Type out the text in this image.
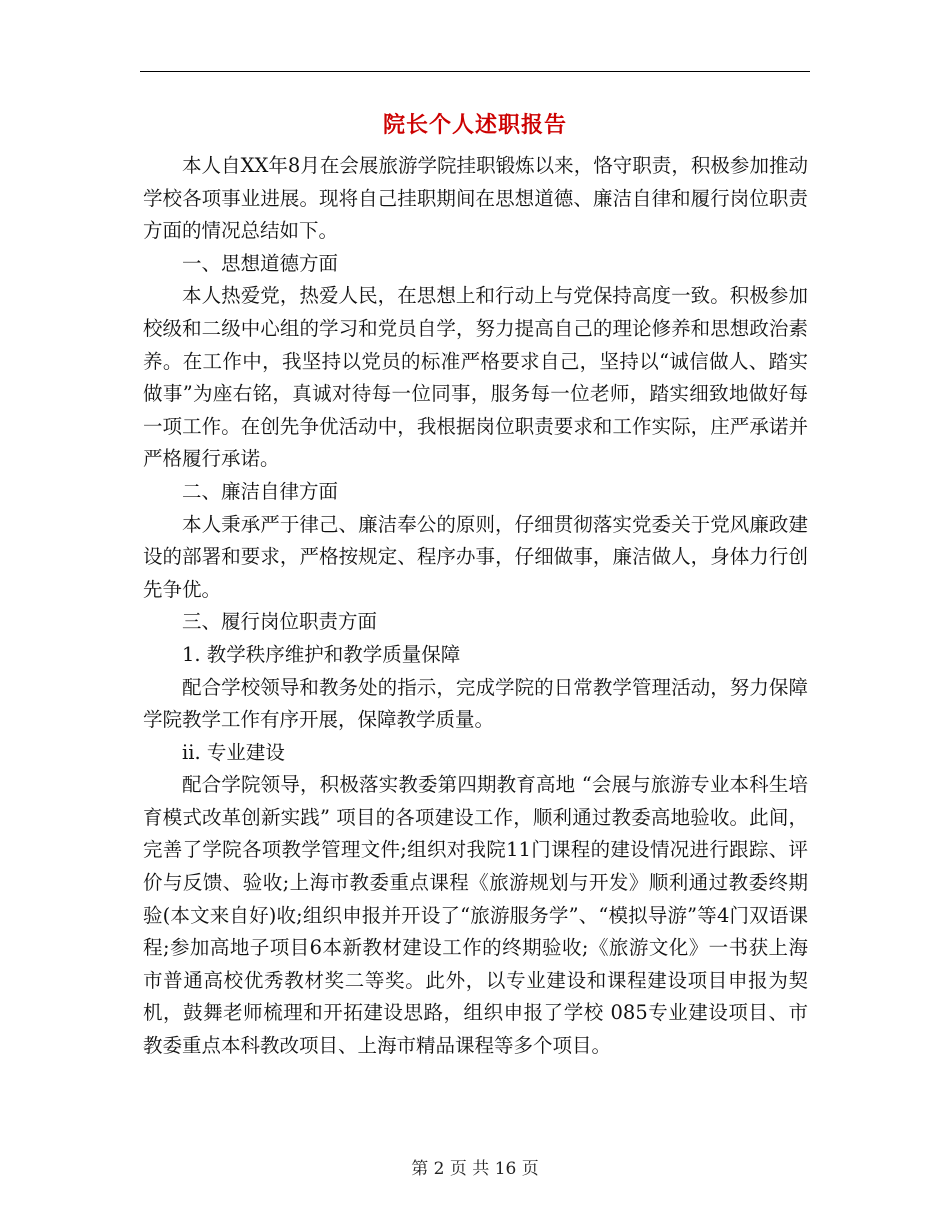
院长个人述职报告

本人自XX年8月在会展旅游学院挂职锻炼以来，恪守职责，积极参加推动学校各项事业进展。现将自己挂职期间在思想道德、廉洁自律和履行岗位职责方面的情况总结如下。

一、思想道德方面

本人热爱党，热爱人民，在思想上和行动上与党保持高度一致。积极参加校级和二级中心组的学习和党员自学，努力提高自己的理论修养和思想政治素养。在工作中，我坚持以党员的标准严格要求自己，坚持以“诚信做人、踏实做事”为座右铭，真诚对待每一位同事，服务每一位老师，踏实细致地做好每一项工作。在创先争优活动中，我根据岗位职责要求和工作实际，庄严承诺并严格履行承诺。

二、廉洁自律方面

本人秉承严于律己、廉洁奉公的原则，仔细贯彻落实党委关于党风廉政建设的部署和要求，严格按规定、程序办事，仔细做事，廉洁做人，身体力行创先争优。

三、履行岗位职责方面

1. 教学秩序维护和教学质量保障

配合学校领导和教务处的指示，完成学院的日常教学管理活动，努力保障学院教学工作有序开展，保障教学质量。

ii. 专业建设

配合学院领导，积极落实教委第四期教育高地 “会展与旅游专业本科生培育模式改革创新实践” 项目的各项建设工作，顺利通过教委高地验收。此间，完善了学院各项教学管理文件;组织对我院11门课程的建设情况进行跟踪、评价与反馈、验收;上海市教委重点课程《旅游规划与开发》顺利通过教委终期验(本文来自好)收;组织申报并开设了“旅游服务学”、“模拟导游”等4门双语课程;参加高地子项目6本新教材建设工作的终期验收;《旅游文化》一书获上海市普通高校优秀教材奖二等奖。此外，以专业建设和课程建设项目申报为契机，鼓舞老师梳理和开拓建设思路，组织申报了学校 085专业建设项目、市教委重点本科教改项目、上海市精品课程等多个项目。

第 2 页 共 16 页
